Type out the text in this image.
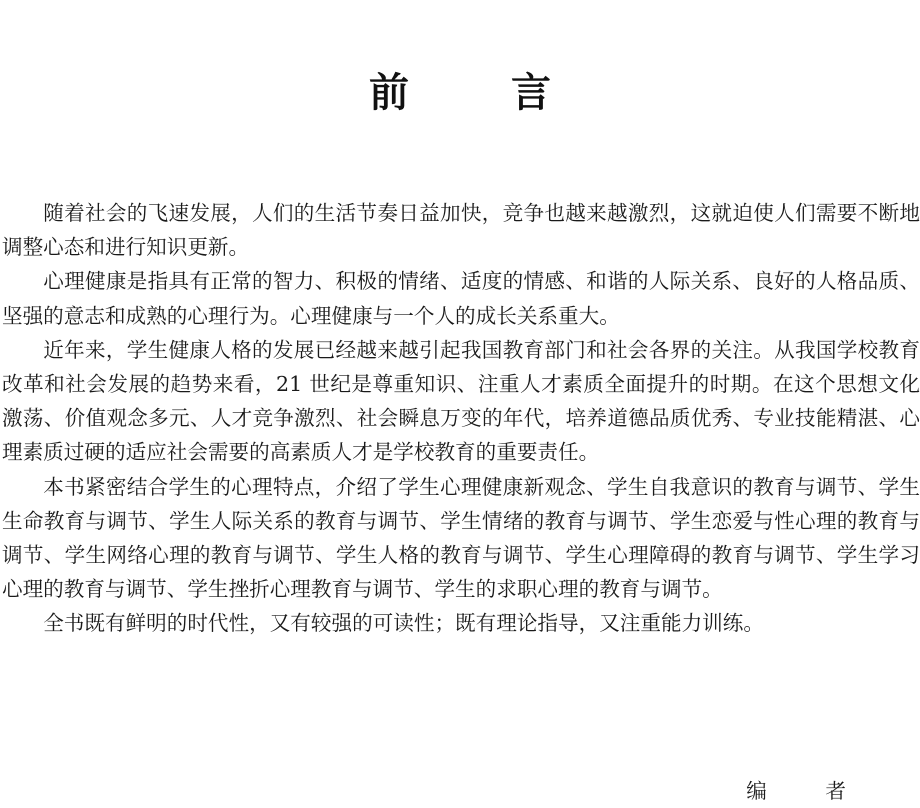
前 言

随着社会的飞速发展，人们的生活节奏日益加快，竞争也越来越激烈，这就迫使人们需要不断地调整心态和进行知识更新。

心理健康是指具有正常的智力、积极的情绪、适度的情感、和谐的人际关系、良好的人格品质、坚强的意志和成熟的心理行为。心理健康与一个人的成长关系重大。

近年来，学生健康人格的发展已经越来越引起我国教育部门和社会各界的关注。从我国学校教育改革和社会发展的趋势来看，21 世纪是尊重知识、注重人才素质全面提升的时期。在这个思想文化激荡、价值观念多元、人才竞争激烈、社会瞬息万变的年代，培养道德品质优秀、专业技能精湛、心理素质过硬的适应社会需要的高素质人才是学校教育的重要责任。

本书紧密结合学生的心理特点，介绍了学生心理健康新观念、学生自我意识的教育与调节、学生生命教育与调节、学生人际关系的教育与调节、学生情绪的教育与调节、学生恋爱与性心理的教育与调节、学生网络心理的教育与调节、学生人格的教育与调节、学生心理障碍的教育与调节、学生学习心理的教育与调节、学生挫折心理教育与调节、学生的求职心理的教育与调节。

全书既有鲜明的时代性，又有较强的可读性；既有理论指导，又注重能力训练。

编 者
